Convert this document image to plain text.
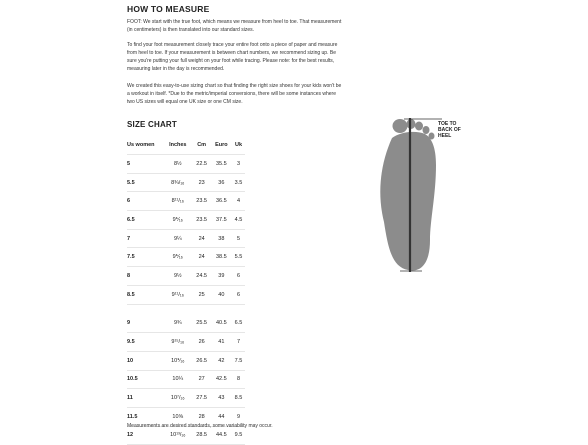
HOW TO MEASURE

FOOT: We start with the true foot, which means we measure from heel to toe. That measurement (in centimeters) is then translated into our standard sizes.

To find your foot measurement closely trace your entire foot onto a piece of paper and measure from heel to toe. If your measurement is between chart numbers, we recommend sizing up. Be sure you're putting your full weight on your foot while tracing. Please note: for the best results, measuring later in the day is recommended.

We created this easy-to-use sizing chart so that finding the right size shoes for your kids won't be a workout in itself. *Due to the metric/imperial conversions, there will be some instances where two US sizes will equal one UK size or one CM size.

SIZE CHART
Us women	Inches	Cm	Euro	Uk
5	8½	22.5	35.5	3
5.5	8¾/₁₆	23	36	3.5
6	8¹¹/₁₆	23.5	36.5	4
6.5	9⅟₁₆	23.5	37.5	4.5
7	9¼	24	38	5
7.5	9⅟₁₆	24	38.5	5.5
8	9½	24.5	39	6
8.5	9¹¹/₁₆	25	40	6
9	9¾	25.5	40.5	6.5
9.5	9¹⁵/₁₆	26	41	7
10	10⅟₁₆	26.5	42	7.5
10.5	10¼	27	42.5	8
11	10⁷/₁₆	27.5	43	8.5
11.5	10⅝	28	44	9
12	10¹³/₁₆	28.5	44.5	9.5

Measurements are desired standards, some variability may occur.

TOE TO
BACK OF
HEEL
